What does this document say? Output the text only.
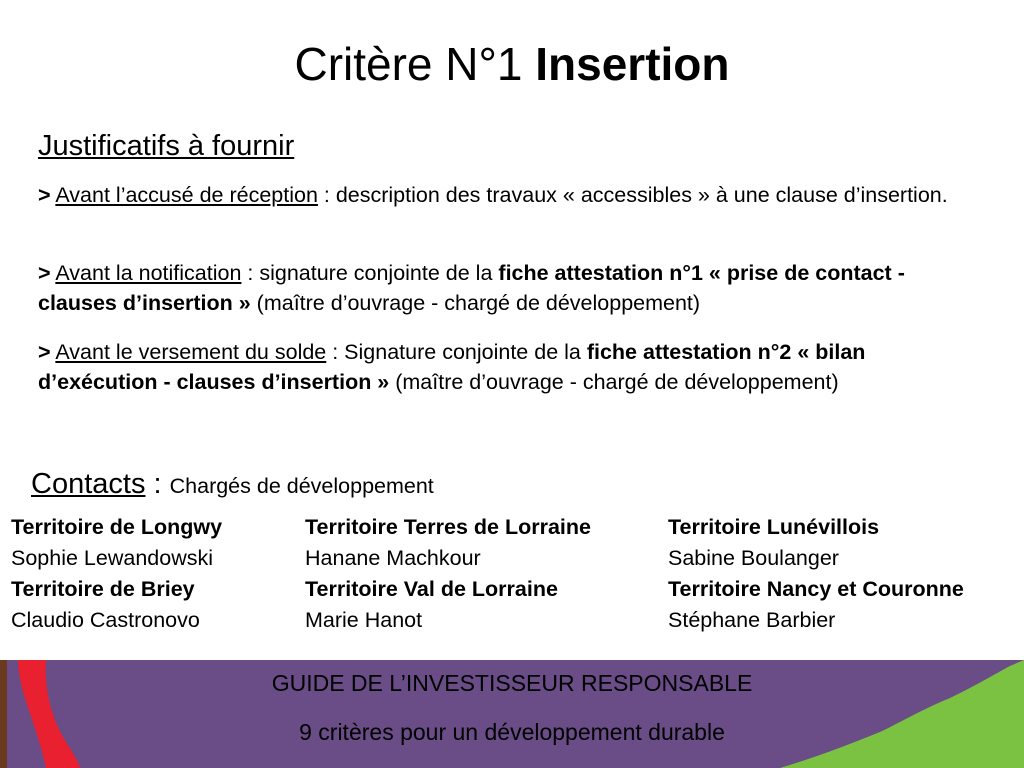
Critère N°1 Insertion
Justificatifs à fournir
> Avant l’accusé de réception : description des travaux « accessibles » à une clause d’insertion.
> Avant la notification : signature conjointe de la fiche attestation n°1 « prise de contact - clauses d’insertion » (maître d’ouvrage - chargé de développement)
> Avant le versement du solde : Signature conjointe de la fiche attestation n°2 « bilan d’exécution - clauses d’insertion » (maître d’ouvrage - chargé de développement)
Contacts : Chargés de développement
Territoire de Longwy
Sophie Lewandowski
Territoire de Briey
Claudio Castronovo
Territoire Terres de Lorraine
Hanane Machkour
Territoire Val de Lorraine
Marie Hanot
Territoire Lunévillois
Sabine Boulanger
Territoire Nancy et Couronne
Stéphane Barbier
GUIDE DE L’INVESTISSEUR RESPONSABLE
9 critères pour un développement durable
